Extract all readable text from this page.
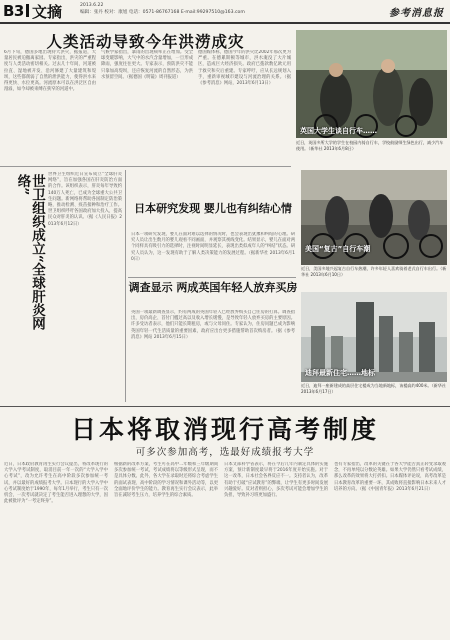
B3 文摘	2013.6.22
编辑：张丹 校对：康旭 电话：0571-86767168 E-mail:99297510@163.com	参考消息报
人类活动导致今年洪涝成灾
6月下旬，德国多地出现特大洪灾，据报道，大量居民被迫撤离家园。专家指出，洪灾的严重程度与人类活动密切相关。过去几十年间，河道被拉直、湿地被开发、沿河修建了大量建筑和堤坝，这些都削弱了自然的泄洪能力，使得洪水来得更快、水位更高。河流原本可以在洪泛区自由漫溢，如今却被束缚在狭窄的河道中。
气候学家指出，暴雨的出现频率正在增加。受全球变暖影响，大气中的水汽含量增加，一旦形成降雨，强度往往更大。专家表示，预防洪灾不能只靠加高堤坝，还应恢复河流的自然形态，为洪水预留空间。（据德国《明镜》周刊报道）
德国媒体称，德国今年的洪灾比2002年那次更为严重。在德累斯顿等城市，洪水淹没了大片城区，造成巨大经济损失。政府已拨款数亿欧元用于救灾和灾后重建。专家呼吁，应从长远规划入手，重新审视城市建设与河流治理的关系。（据《参考消息》网站，2013年6月13日）
英国大学生谈自行车……
近日，英国多所大学的学生在校园内骑自行车，学校鼓励师生绿色出行，减少汽车使用。（新华社 2013年6月8日）
世卫组织成立“全球肝炎网络”	世界卫生组织近日宣布成立“全球肝炎网络”，旨在加强各国在肝炎防治方面的合作。该组织表示，肝炎每年导致约140万人死亡，已成为全球重大公共卫生问题。新网络将帮助各国制定防治策略，推动检测、疫苗接种和治疗工作。世卫组织呼吁各国政府加大投入，提高民众对肝炎的认识。（据《人民日报》2013年6月12日）
日本研究发现 婴儿也有纠结心情
日本一项研究发现，婴儿在面对难以选择的情况时，也会表现出犹豫和纠结的心理。研究人员让出生数月的婴儿观看不同画面，并观察其视线变化。结果显示，婴儿在面对两个同样具有吸引力的选择时，注视时间明显延长，表现出类似成年人的“纠结”状态。研究人员认为，这一发现有助于了解人类决策能力的发展过程。（据新华社 2013年6月10日）
调查显示 两成英国年轻人放弃买房
英国一项最新调查显示，约有两成的英国年轻人已经放弃购买自己住房的打算。调查指出，房价高企、首付门槛过高以及收入增长缓慢，是导致年轻人放弃买房的主要原因。许多受访者表示，他们只能长期租房，或与父母同住。专家认为，住房问题已成为影响英国年轻一代生活质量的重要因素，政府应出台更多措施帮助首次购房者。（据《参考消息》网站 2013年6月15日）
美国“复古”自行车潮
近日，美国多地兴起复古自行车热潮，许多年轻人喜欢骑着老式自行车出行。（新华社 2013年6月10日）
迪拜最新住宅……地标
近日，迪拜一座新建成的高层住宅楼成为当地新地标，该楼高约400米。（新华社 2013年6月17日）
日本将取消现行高考制度
可多次参加高考，选最好成绩报考大学
近日，日本政府教育再生实行会议提出，将改革现行的大学入学考试制度，取消目前一年一次的“大学入学中心考试”，改为允许考生在高中阶段多次参加统一考试，并以最好的成绩报考大学。日本现行的大学入学中心考试制度始于1990年，每年1月举行，考生只有一次机会，一次考试就决定了考生能否进入理想的大学，因此被批评为“一考定终身”。
根据新的改革方案，考生可在高中二年级和三年级期间多次参加统一考试，考试成绩将以等级形式呈现，而不是具体分数。此外，各大学在录取时还将综合考虑学生的面试表现、高中阶段的学习情况和课外活动等，以更全面地评价学生的能力。教育再生实行会议表示，此举旨在减轻考生压力，培养学生的综合素质。
日本文部科学省表示，将在今后几年内制定具体的实施方案，预计新制度最早将于2016年度开始实施。对于这一改革，日本社会各界反应不一。支持者认为，改革有助于打破“应试教育”的弊端，让学生有更多时间发展兴趣爱好。反对者则担心，多次考试可能会增加学生的负担，导致补习班更加盛行。
也有专家指出，改革的关键在于各大学能否真正转变录取观念，不再单纯以分数论英雄。如果大学仍然只看考试成绩，那么改革的效果将大打折扣。日本媒体评论说，高考改革是日本教育改革的重要一环，其成败将直接影响日本未来人才培养的方向。（据《中国青年报》2013年6月21日）
